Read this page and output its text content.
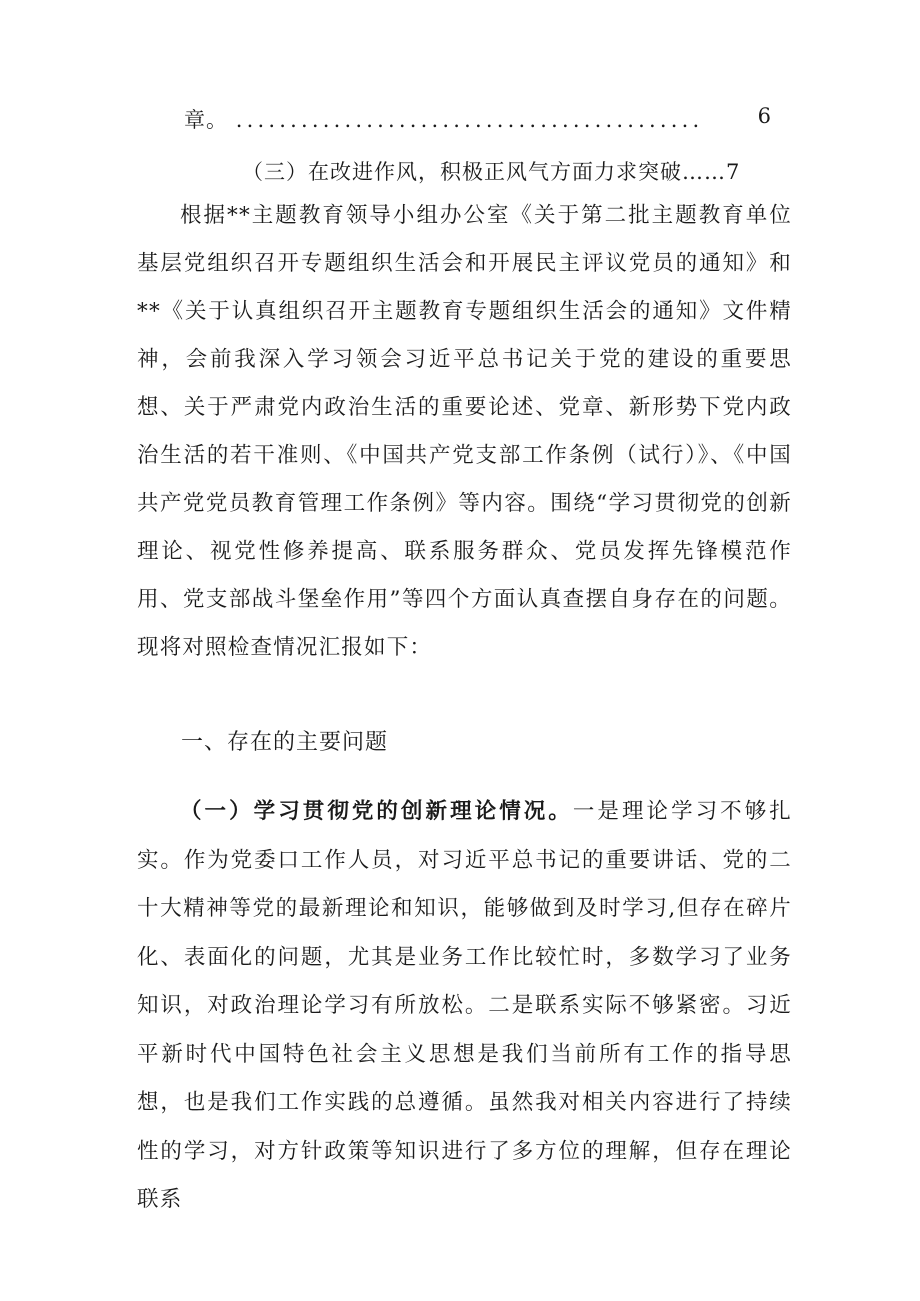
章。 ...........................................	6
（三）在改进作风，积极正风气方面力求突破……7

根据**主题教育领导小组办公室《关于第二批主题教育单位基层党组织召开专题组织生活会和开展民主评议党员的通知》和**《关于认真组织召开主题教育专题组织生活会的通知》文件精神，会前我深入学习领会习近平总书记关于党的建设的重要思想、关于严肃党内政治生活的重要论述、党章、新形势下党内政治生活的若干准则、《中国共产党支部工作条例（试行）》、《中国共产党党员教育管理工作条例》等内容。围绕“学习贯彻党的创新理论、视党性修养提高、联系服务群众、党员发挥先锋模范作用、党支部战斗堡垒作用”等四个方面认真查摆自身存在的问题。现将对照检查情况汇报如下：

一、存在的主要问题

（一）学习贯彻党的创新理论情况。一是理论学习不够扎实。作为党委口工作人员，对习近平总书记的重要讲话、党的二十大精神等党的最新理论和知识，能够做到及时学习,但存在碎片化、表面化的问题，尤其是业务工作比较忙时，多数学习了业务知识，对政治理论学习有所放松。二是联系实际不够紧密。习近平新时代中国特色社会主义思想是我们当前所有工作的指导思想，也是我们工作实践的总遵循。虽然我对相关内容进行了持续性的学习，对方针政策等知识进行了多方位的理解，但存在理论联系
